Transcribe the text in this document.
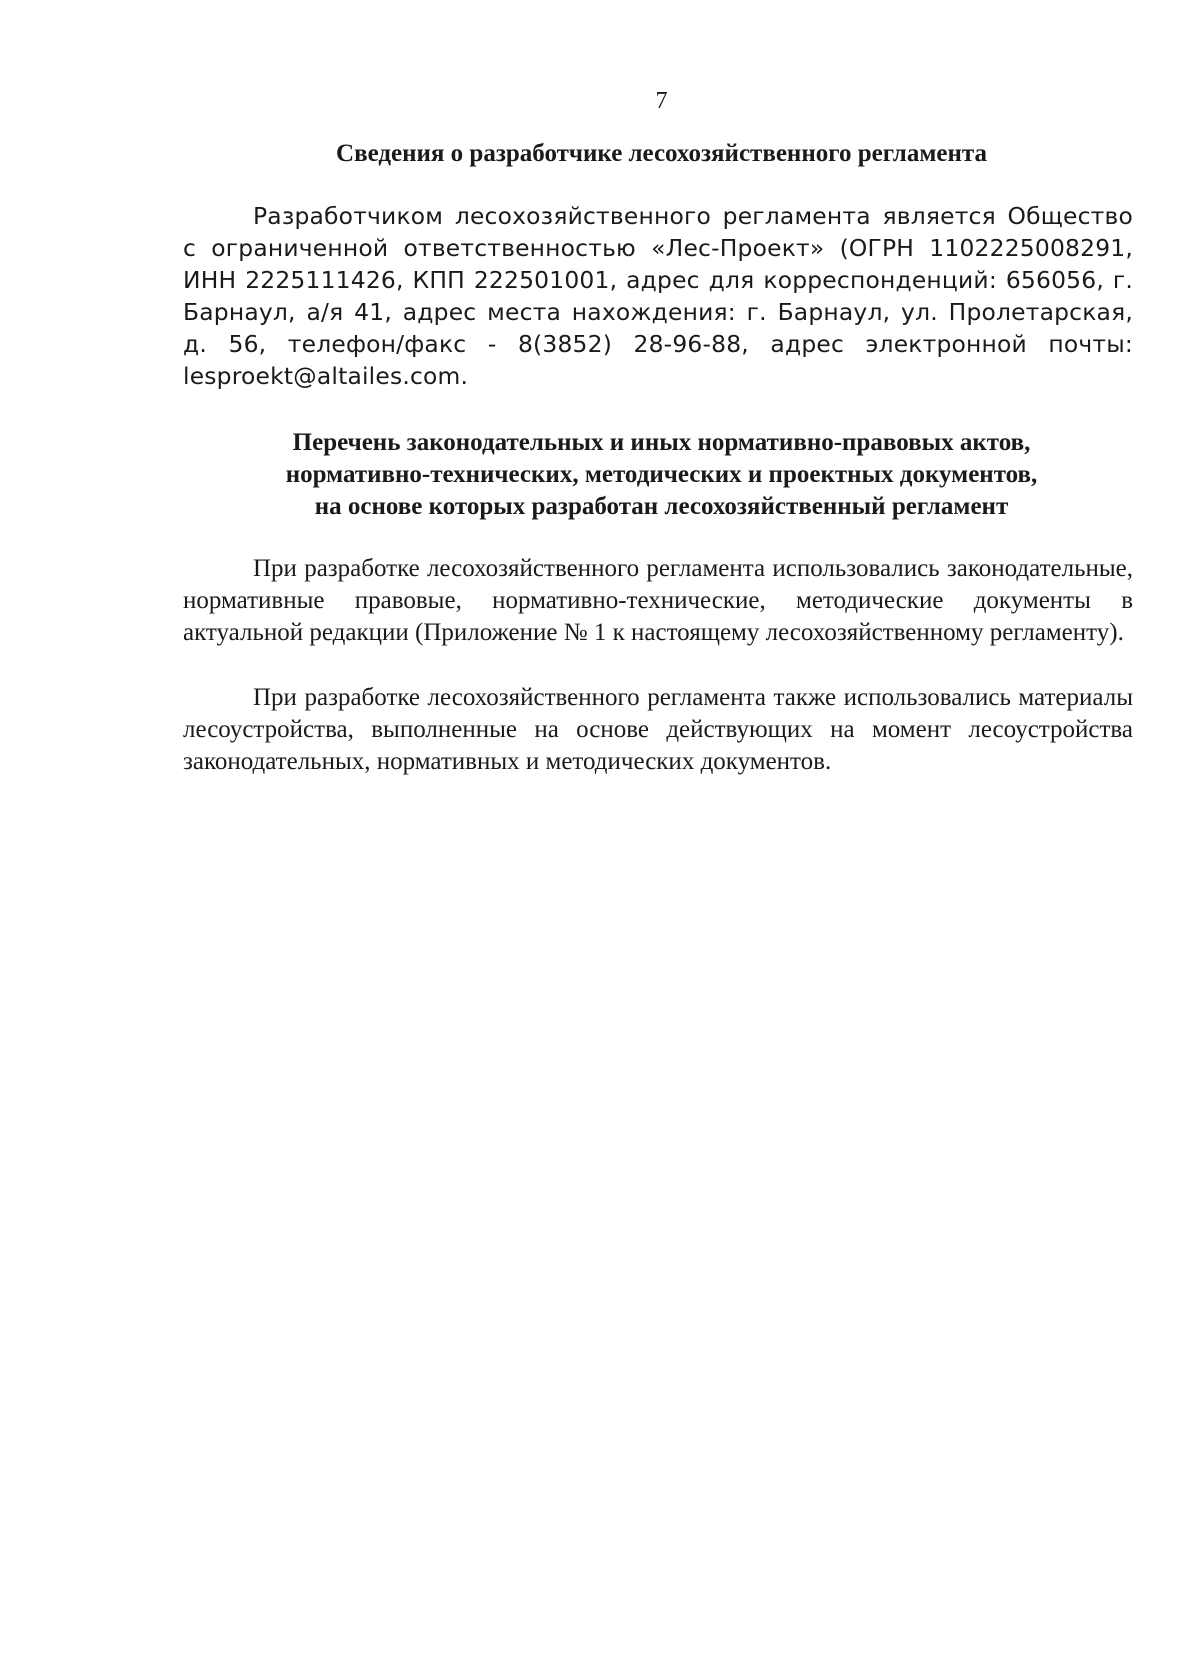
7
Сведения о разработчике лесохозяйственного регламента

Разработчиком лесохозяйственного регламента является Общество с ограниченной ответственностью «Лес-Проект» (ОГРН 1102225008291, ИНН 2225111426, КПП 222501001, адрес для корреспонденций: 656056, г. Барнаул, а/я 41, адрес места нахождения: г. Барнаул, ул. Пролетарская, д. 56, телефон/факс - 8(3852) 28-96-88, адрес электронной почты: lesproekt@altailes.com.

Перечень законодательных и иных нормативно-правовых актов,
нормативно-технических, методических и проектных документов,
на основе которых разработан лесохозяйственный регламент

При разработке лесохозяйственного регламента использовались законодательные, нормативные правовые, нормативно-технические, методические документы в актуальной редакции (Приложение № 1 к настоящему лесохозяйственному регламенту).

При разработке лесохозяйственного регламента также использовались материалы лесоустройства, выполненные на основе действующих на момент лесоустройства законодательных, нормативных и методических документов.
